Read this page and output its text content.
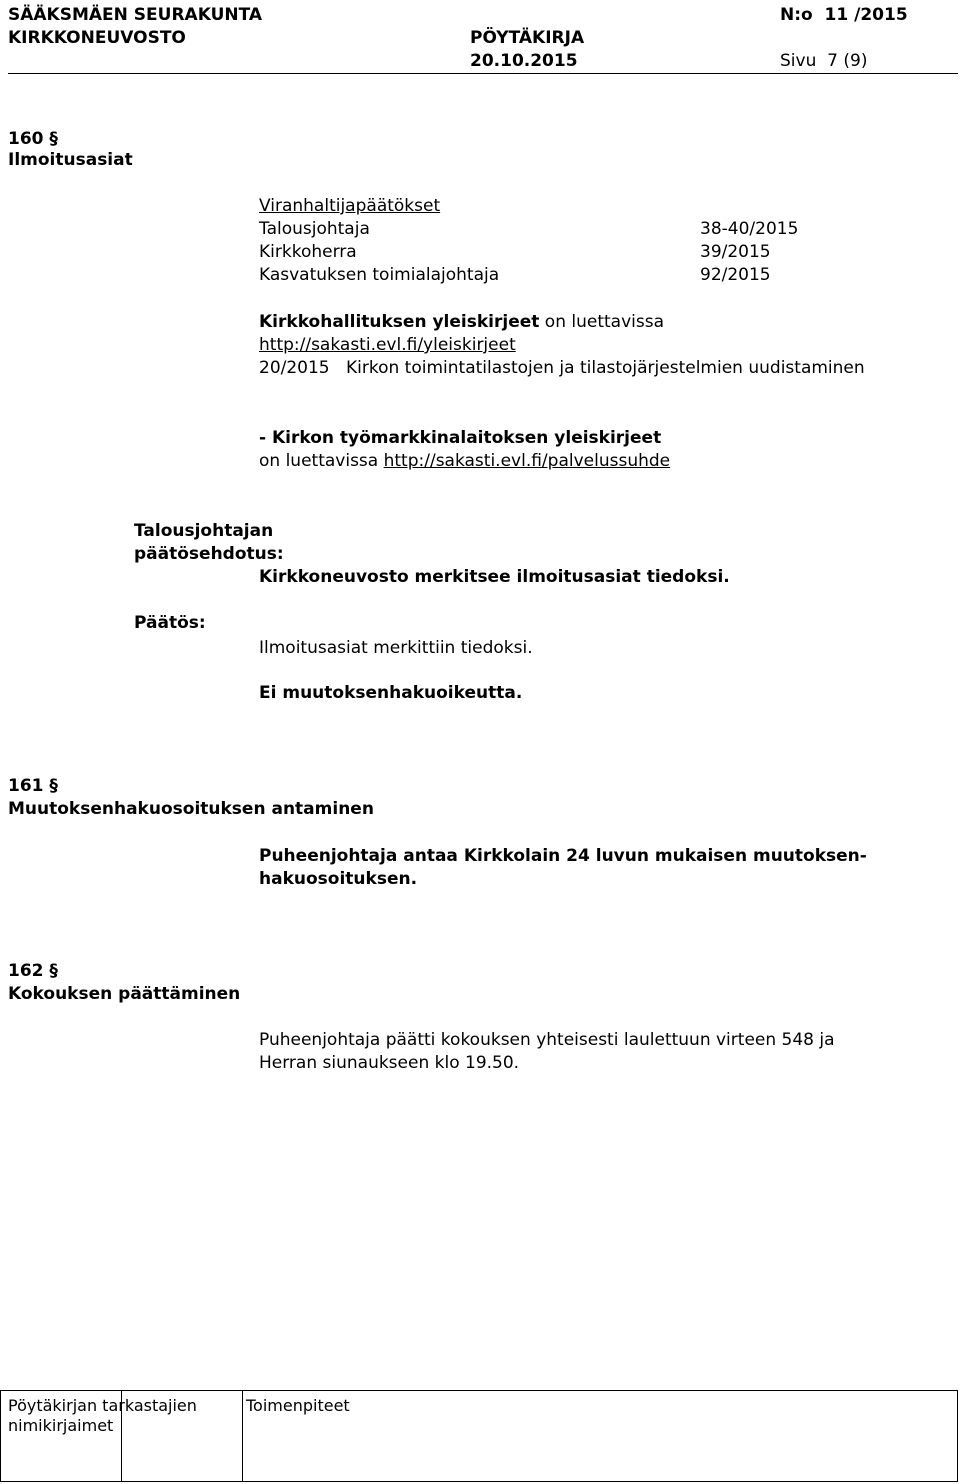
SÄÄKSMÄEN SEURAKUNTA
KIRKKONEUVOSTO	PÖYTÄKIRJA
20.10.2015
N:o  11 /2015
Sivu  7 (9)
160 §
Ilmoitusasiat
Viranhaltijapäätökset
Talousjohtaja	38-40/2015
Kirkkoherra	39/2015
Kasvatuksen toimialajohtaja	92/2015
Kirkkohallituksen yleiskirjeet on luettavissa
http://sakasti.evl.fi/yleiskirjeet
20/2015 Kirkon toimintatilastojen ja tilastojärjestelmien uudistaminen
- Kirkon työmarkkinalaitoksen yleiskirjeet
on luettavissa http://sakasti.evl.fi/palvelussuhde
Talousjohtajan
päätösehdotus:
Kirkkoneuvosto merkitsee ilmoitusasiat tiedoksi.
Päätös:
Ilmoitusasiat merkittiin tiedoksi.
Ei muutoksenhakuoikeutta.
161 §
Muutoksenhakuosoituksen antaminen
Puheenjohtaja antaa Kirkkolain 24 luvun mukaisen muutoksen-
hakuosoituksen.
162 §
Kokouksen päättäminen
Puheenjohtaja päätti kokouksen yhteisesti laulettuun virteen 548 ja
Herran siunaukseen klo 19.50.

Pöytäkirjan tarkastajien
nimikirjaimet
Toimenpiteet
